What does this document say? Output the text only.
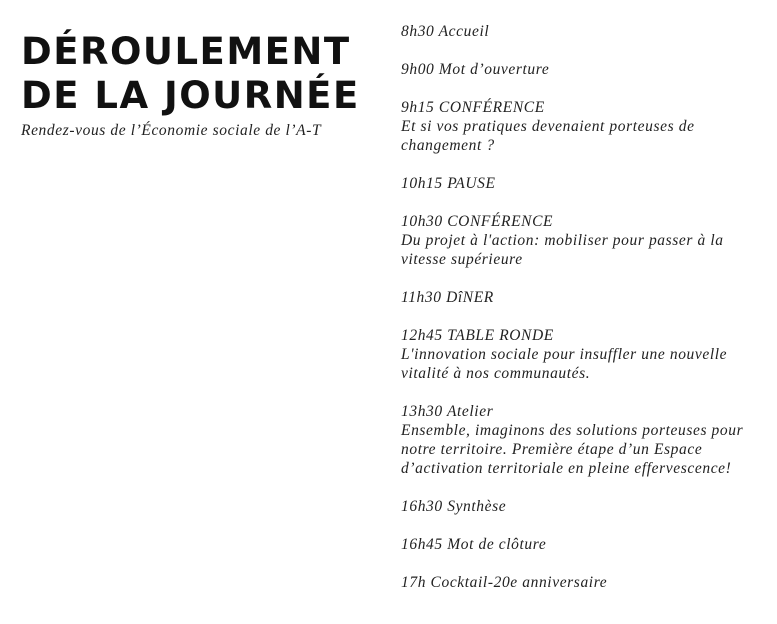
DÉROULEMENT
DE LA JOURNÉE
Rendez-vous de l’Économie sociale de l’A-T
8h30 Accueil
9h00 Mot d’ouverture
9h15 CONFÉRENCE
Et si vos pratiques devenaient porteuses de changement ?
10h15 PAUSE
10h30 CONFÉRENCE
Du projet à l'action: mobiliser pour passer à la vitesse supérieure
11h30 DîNER
12h45 TABLE RONDE
L'innovation sociale pour insuffler une nouvelle vitalité à nos communautés.
13h30 Atelier
Ensemble, imaginons des solutions porteuses pour notre territoire. Première étape d’un Espace d’activation territoriale en pleine effervescence!
16h30 Synthèse
16h45 Mot de clôture
17h Cocktail-20e anniversaire
